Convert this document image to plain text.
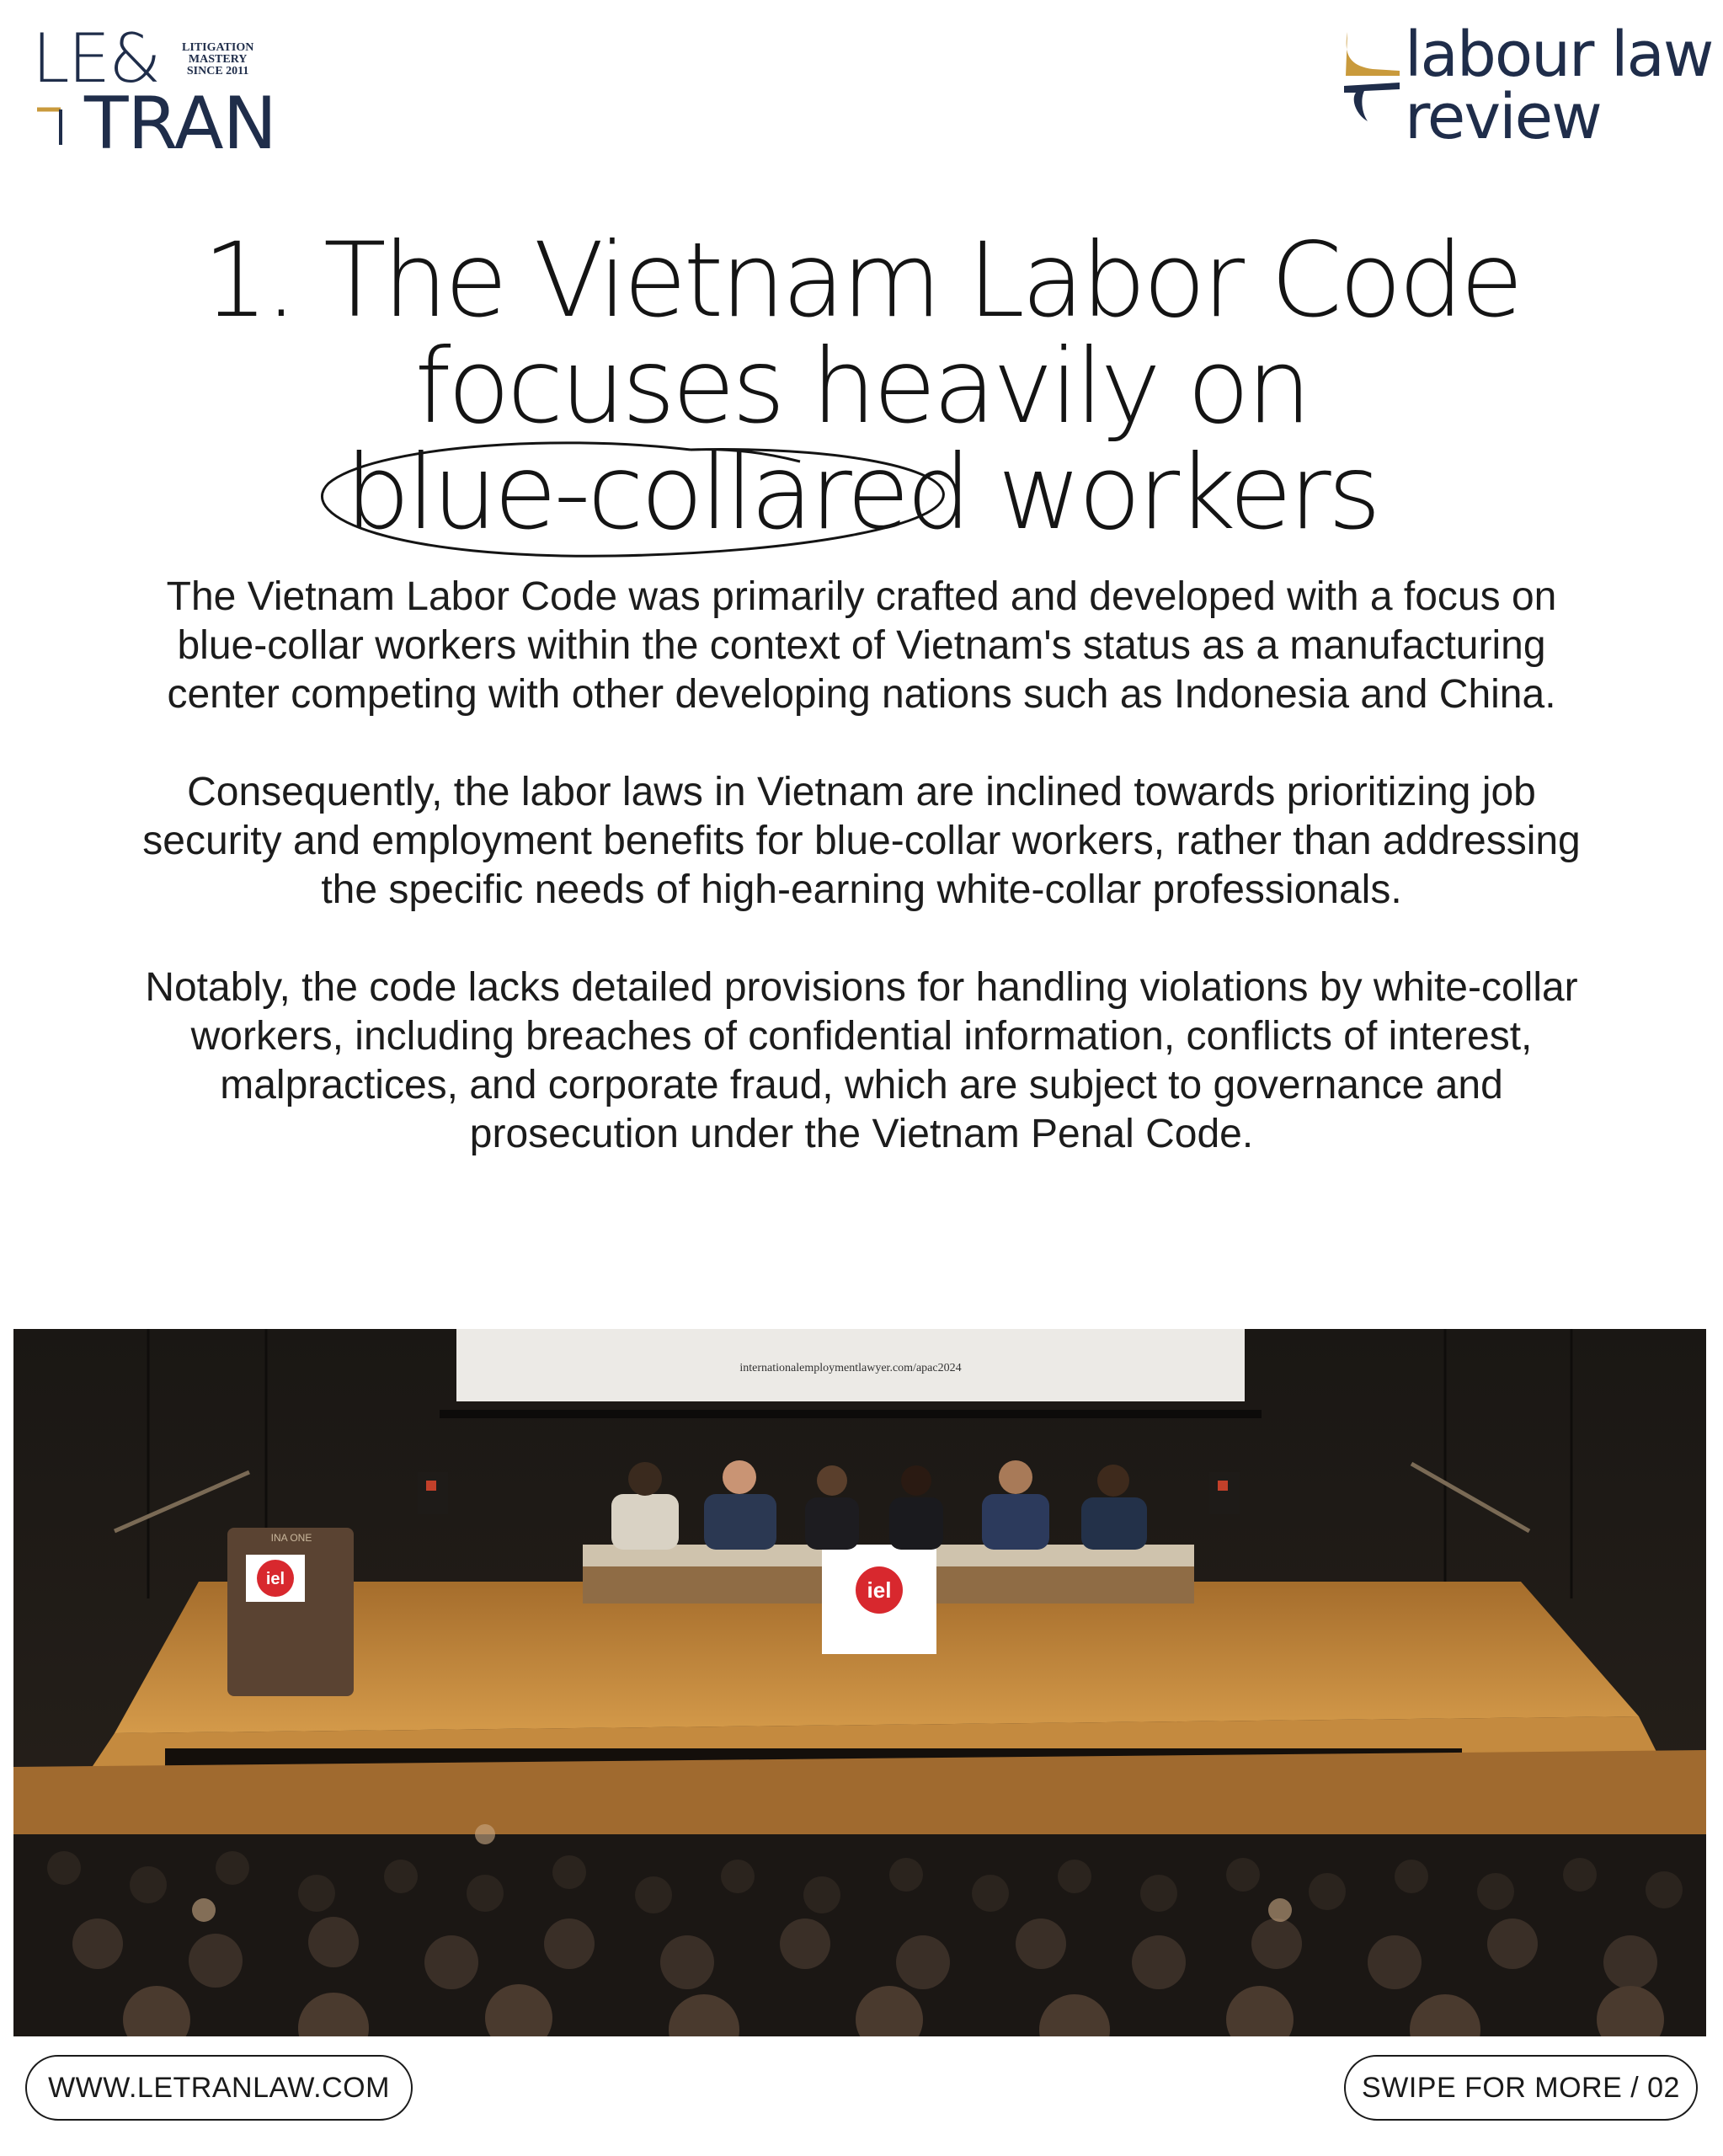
LE& LITIGATION
MASTERY
SINCE 2011
TRAN
labour law
review
1. The Vietnam Labor Code
focuses heavily on
blue-collared workers

The Vietnam Labor Code was primarily crafted and developed with a focus on blue-collar workers within the context of Vietnam's status as a manufacturing center competing with other developing nations such as Indonesia and China.

Consequently, the labor laws in Vietnam are inclined towards prioritizing job security and employment benefits for blue-collar workers, rather than addressing the specific needs of high-earning white-collar professionals.

Notably, the code lacks detailed provisions for handling violations by white-collar workers, including breaches of confidential information, conflicts of interest, malpractices, and corporate fraud, which are subject to governance and prosecution under the Vietnam Penal Code.

internationalemploymentlawyer.com/apac2024
iel
INA ONE
iel
WWW.LETRANLAW.COM	SWIPE FOR MORE / 02
